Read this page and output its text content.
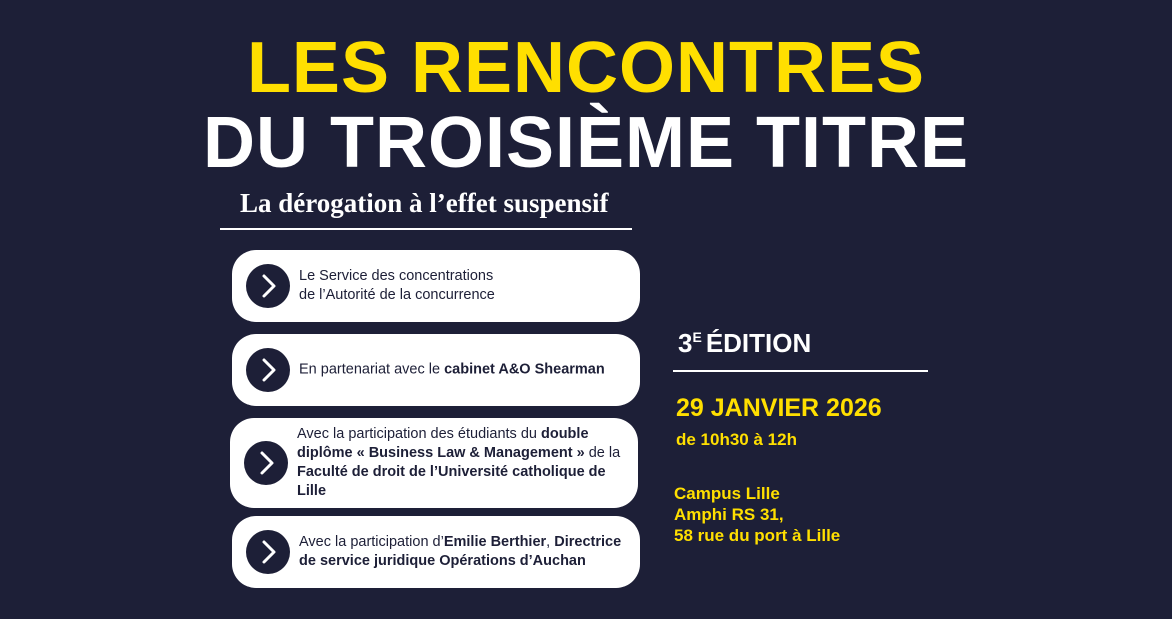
LES RENCONTRES
DU TROISIÈME TITRE
La dérogation à l’effet suspensif
Le Service des concentrations
de l’Autorité de la concurrence
En partenariat avec le cabinet A&O Shearman
Avec la participation des étudiants du double diplôme « Business Law & Management » de la Faculté de droit de l’Université catholique de Lille
Avec la participation d’Emilie Berthier, Directrice de service juridique Opérations d’Auchan
$3^E$ ÉDITION
29 JANVIER 2026
de 10h30 à 12h
Campus Lille
Amphi RS 31,
58 rue du port à Lille
